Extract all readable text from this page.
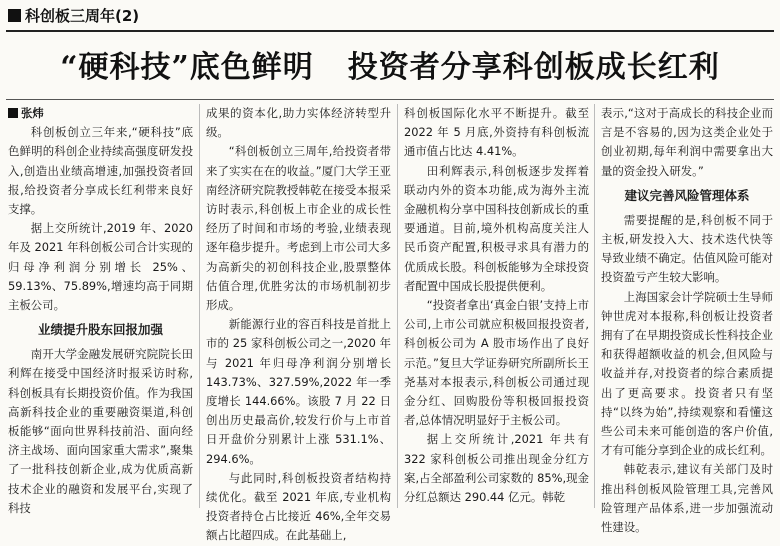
科创板三周年(2)
“硬科技”底色鲜明 投资者分享科创板成长红利

张炜

科创板创立三年来,“硬科技”底色鲜明的科创企业持续高强度研发投入,创造出业绩高增速,加强投资者回报,给投资者分享成长红利带来良好支撑。

据上交所统计,2019 年、2020 年及 2021 年科创板公司合计实现的归母净利润分别增长 25%、59.13%、75.89%,增速均高于同期主板公司。

业绩提升股东回报加强

南开大学金融发展研究院院长田利辉在接受中国经济时报采访时称,科创板具有长期投资价值。作为我国高新科技企业的重要融资渠道,科创板能够“面向世界科技前沿、面向经济主战场、面向国家重大需求”,聚集了一批科技创新企业,成为优质高新技术企业的融资和发展平台,实现了科技

成果的资本化,助力实体经济转型升级。

“科创板创立三周年,给投资者带来了实实在在的收益。”厦门大学王亚南经济研究院教授韩乾在接受本报采访时表示,科创板上市企业的成长性经历了时间和市场的考验,业绩表现逐年稳步提升。考虑到上市公司大多为高新尖的初创科技企业,股票整体估值合理,优胜劣汰的市场机制初步形成。

新能源行业的容百科技是首批上市的 25 家科创板公司之一,2020 年与 2021 年归母净利润分别增长 143.73%、327.59%,2022 年一季度增长 144.66%。该股 7 月 22 日创出历史最高价,较发行价与上市首日开盘价分别累计上涨 531.1%、294.6%。

与此同时,科创板投资者结构持续优化。截至 2021 年底,专业机构投资者持仓占比接近 46%,全年交易额占比超四成。在此基础上,

科创板国际化水平不断提升。截至 2022 年 5 月底,外资持有科创板流通市值占比达 4.41%。

田利辉表示,科创板逐步发挥着联动内外的资本功能,成为海外主流金融机构分享中国科技创新成长的重要通道。目前,境外机构高度关注人民币资产配置,积极寻求具有潜力的优质成长股。科创板能够为全球投资者配置中国成长股提供便利。

“投资者拿出‘真金白银’支持上市公司,上市公司就应积极回报投资者,科创板公司为 A 股市场作出了良好示范。”复旦大学证券研究所副所长王尧基对本报表示,科创板公司通过现金分红、回购股份等积极回报投资者,总体情况明显好于主板公司。

据上交所统计,2021 年共有 322 家科创板公司推出现金分红方案,占全部盈利公司家数的 85%,现金分红总额达 290.44 亿元。韩乾

表示,“这对于高成长的科技企业而言是不容易的,因为这类企业处于创业初期,每年利润中需要拿出大量的资金投入研发。”

建议完善风险管理体系

需要提醒的是,科创板不同于主板,研发投入大、技术迭代快等导致业绩不确定。估值风险可能对投资盈亏产生较大影响。

上海国家会计学院硕士生导师钟世虎对本报称,科创板让投资者拥有了在早期投资成长性科技企业和获得超额收益的机会,但风险与收益并存,对投资者的综合素质提出了更高要求。投资者只有坚持“以终为始”,持续观察和看懂这些公司未来可能创造的客户价值,才有可能分享到企业的成长红利。

韩乾表示,建议有关部门及时推出科创板风险管理工具,完善风险管理产品体系,进一步加强流动性建设。
